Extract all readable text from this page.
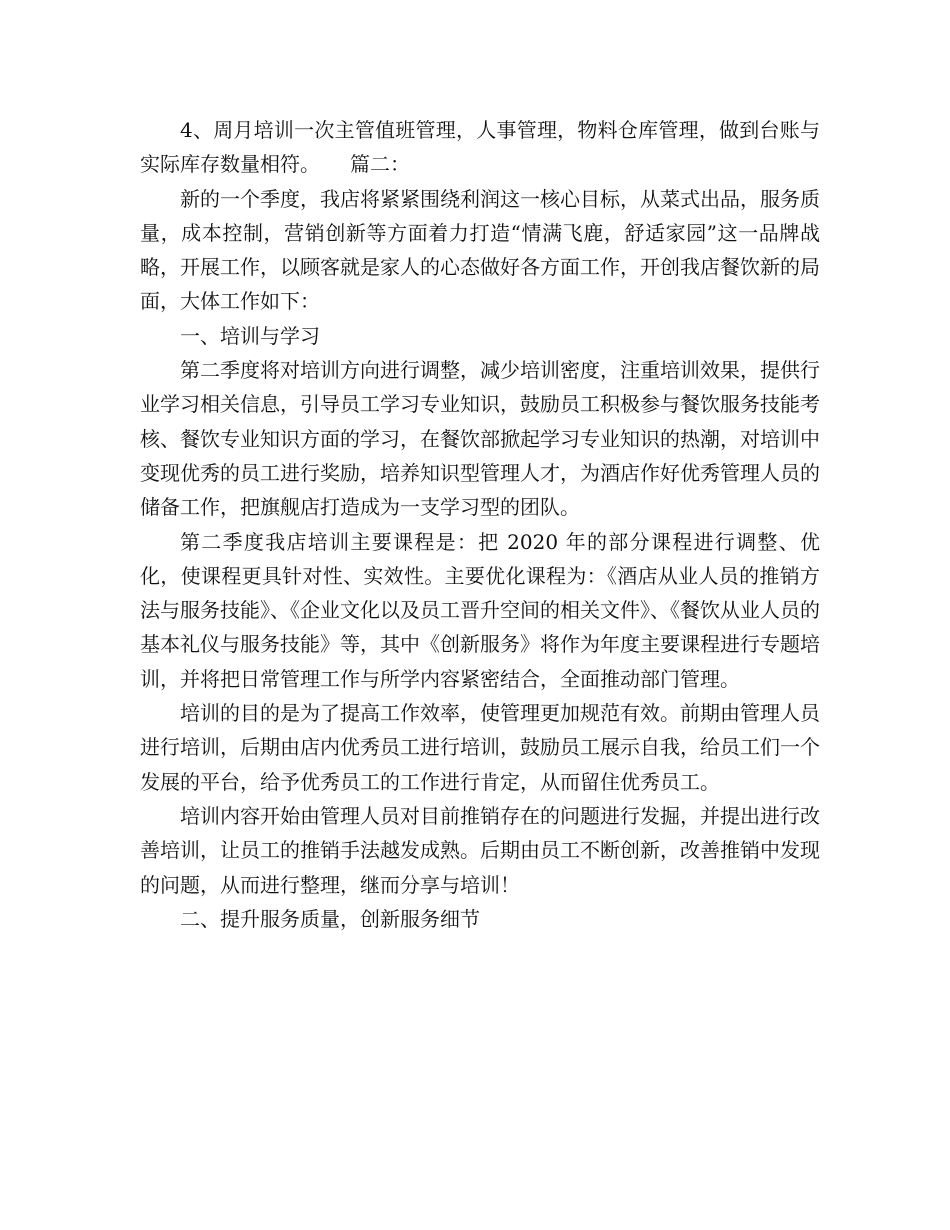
4、周月培训一次主管值班管理，人事管理，物料仓库管理，做到台账与实际库存数量相符。　　篇二：

新的一个季度，我店将紧紧围绕利润这一核心目标，从菜式出品，服务质量，成本控制，营销创新等方面着力打造“情满飞鹿，舒适家园”这一品牌战略，开展工作，以顾客就是家人的心态做好各方面工作，开创我店餐饮新的局面，大体工作如下：

一、培训与学习

第二季度将对培训方向进行调整，减少培训密度，注重培训效果，提供行业学习相关信息，引导员工学习专业知识，鼓励员工积极参与餐饮服务技能考核、餐饮专业知识方面的学习，在餐饮部掀起学习专业知识的热潮，对培训中变现优秀的员工进行奖励，培养知识型管理人才，为酒店作好优秀管理人员的储备工作，把旗舰店打造成为一支学习型的团队。

第二季度我店培训主要课程是：把 2020 年的部分课程进行调整、优化，使课程更具针对性、实效性。主要优化课程为：《酒店从业人员的推销方法与服务技能》、《企业文化以及员工晋升空间的相关文件》、《餐饮从业人员的基本礼仪与服务技能》等，其中《创新服务》将作为年度主要课程进行专题培训，并将把日常管理工作与所学内容紧密结合，全面推动部门管理。

培训的目的是为了提高工作效率，使管理更加规范有效。前期由管理人员进行培训，后期由店内优秀员工进行培训，鼓励员工展示自我，给员工们一个发展的平台，给予优秀员工的工作进行肯定，从而留住优秀员工。

培训内容开始由管理人员对目前推销存在的问题进行发掘，并提出进行改善培训，让员工的推销手法越发成熟。后期由员工不断创新，改善推销中发现的问题，从而进行整理，继而分享与培训！

二、提升服务质量，创新服务细节
